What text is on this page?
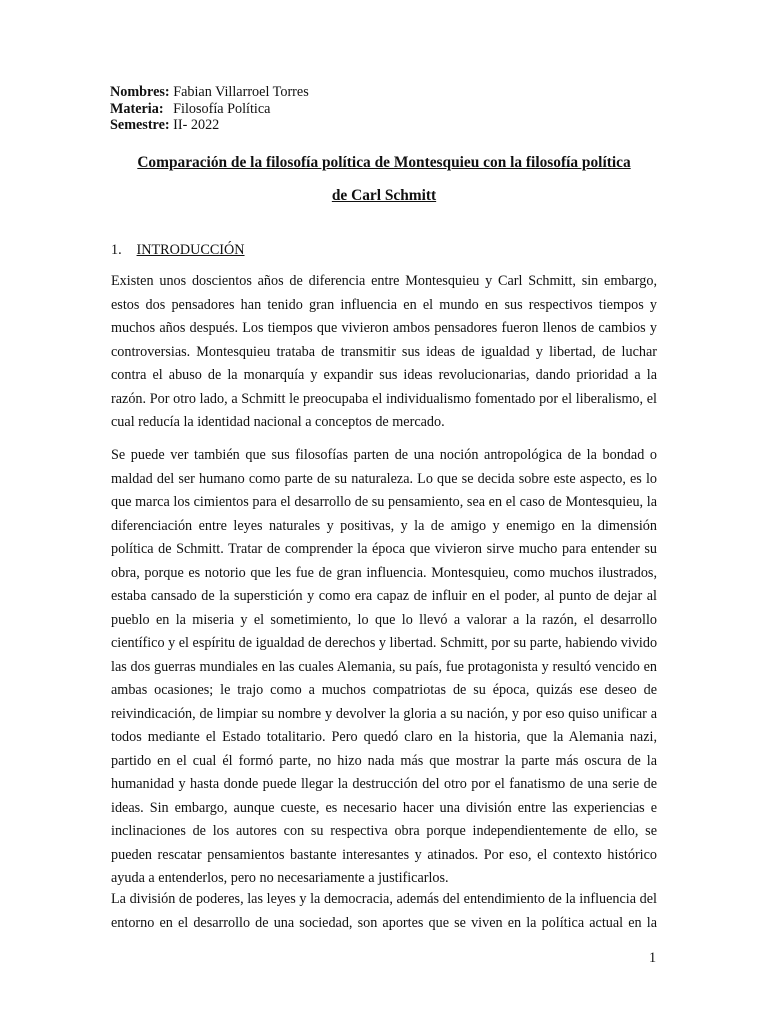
Nombres: Fabian Villarroel Torres
Materia: Filosofía Política
Semestre: II- 2022
Comparación de la filosofía política de Montesquieu con la filosofía política
de Carl Schmitt
1. INTRODUCCIÓN
Existen unos doscientos años de diferencia entre Montesquieu y Carl Schmitt, sin embargo,
estos dos pensadores han tenido gran influencia en el mundo en sus respectivos tiempos y
muchos años después. Los tiempos que vivieron ambos pensadores fueron llenos de cambios y
controversias. Montesquieu trataba de transmitir sus ideas de igualdad y libertad, de luchar
contra el abuso de la monarquía y expandir sus ideas revolucionarias, dando prioridad a la
razón. Por otro lado, a Schmitt le preocupaba el individualismo fomentado por el liberalismo, el
cual reducía la identidad nacional a conceptos de mercado.
Se puede ver también que sus filosofías parten de una noción antropológica de la bondad o
maldad del ser humano como parte de su naturaleza. Lo que se decida sobre este aspecto, es lo
que marca los cimientos para el desarrollo de su pensamiento, sea en el caso de Montesquieu, la
diferenciación entre leyes naturales y positivas, y la de amigo y enemigo en la dimensión
política de Schmitt. Tratar de comprender la época que vivieron sirve mucho para entender su
obra, porque es notorio que les fue de gran influencia. Montesquieu, como muchos ilustrados,
estaba cansado de la superstición y como era capaz de influir en el poder, al punto de dejar al
pueblo en la miseria y el sometimiento, lo que lo llevó a valorar a la razón, el desarrollo
científico y el espíritu de igualdad de derechos y libertad. Schmitt, por su parte, habiendo vivido
las dos guerras mundiales en las cuales Alemania, su país, fue protagonista y resultó vencido en
ambas ocasiones; le trajo como a muchos compatriotas de su época, quizás ese deseo de
reivindicación, de limpiar su nombre y devolver la gloria a su nación, y por eso quiso unificar a
todos mediante el Estado totalitario. Pero quedó claro en la historia, que la Alemania nazi,
partido en el cual él formó parte, no hizo nada más que mostrar la parte más oscura de la
humanidad y hasta donde puede llegar la destrucción del otro por el fanatismo de una serie de
ideas. Sin embargo, aunque cueste, es necesario hacer una división entre las experiencias e
inclinaciones de los autores con su respectiva obra porque independientemente de ello, se
pueden rescatar pensamientos bastante interesantes y atinados. Por eso, el contexto histórico
ayuda a entenderlos, pero no necesariamente a justificarlos.
La división de poderes, las leyes y la democracia, además del entendimiento de la influencia del
entorno en el desarrollo de una sociedad, son aportes que se viven en la política actual en la
1
